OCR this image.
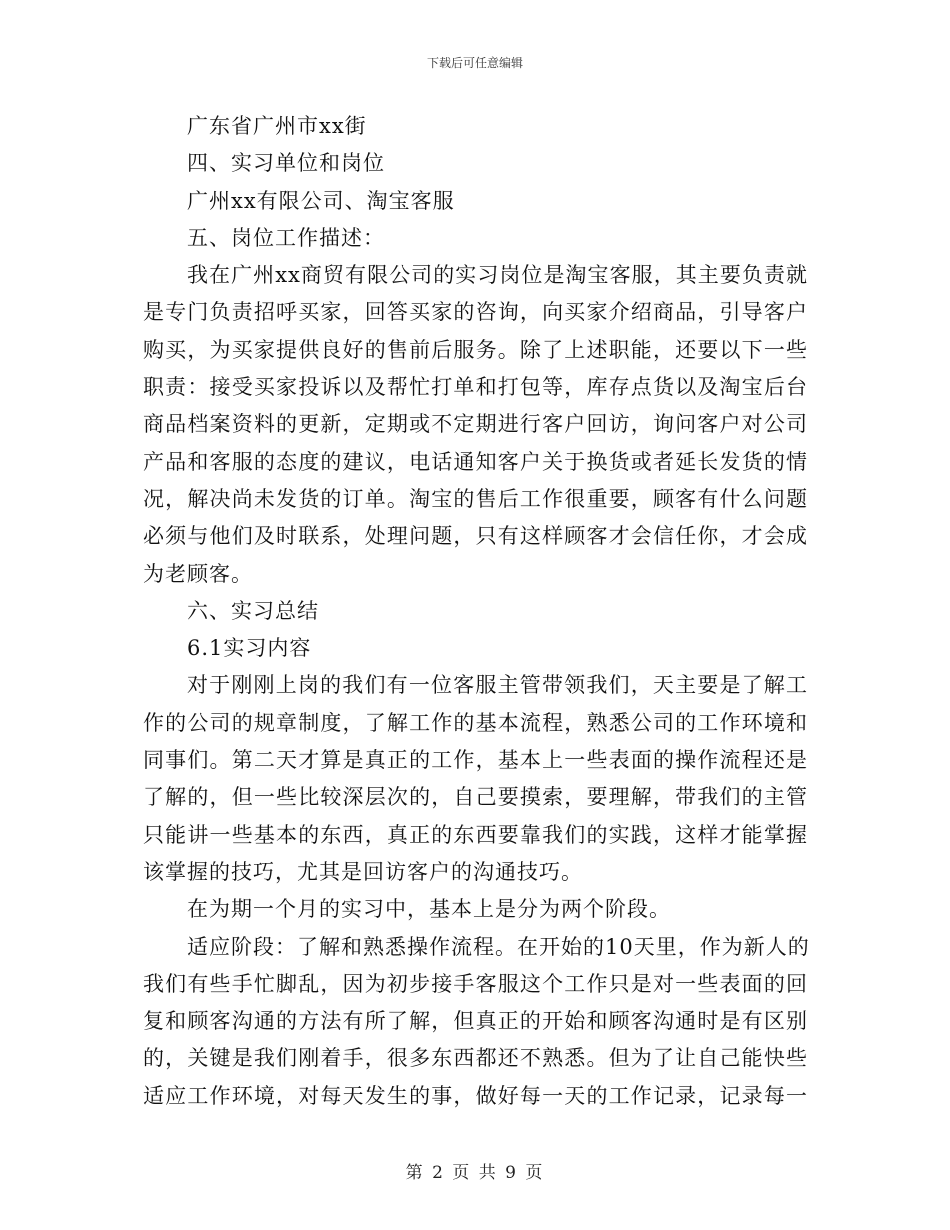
下载后可任意编辑
广东省广州市xx街
四、实习单位和岗位
广州xx有限公司、淘宝客服
五、岗位工作描述：
我在广州xx商贸有限公司的实习岗位是淘宝客服，其主要负责就
是专门负责招呼买家，回答买家的咨询，向买家介绍商品，引导客户
购买，为买家提供良好的售前后服务。除了上述职能，还要以下一些
职责：接受买家投诉以及帮忙打单和打包等，库存点货以及淘宝后台
商品档案资料的更新，定期或不定期进行客户回访，询问客户对公司
产品和客服的态度的建议，电话通知客户关于换货或者延长发货的情
况，解决尚未发货的订单。淘宝的售后工作很重要，顾客有什么问题
必须与他们及时联系，处理问题，只有这样顾客才会信任你，才会成
为老顾客。
六、实习总结
6.1实习内容
对于刚刚上岗的我们有一位客服主管带领我们，天主要是了解工
作的公司的规章制度，了解工作的基本流程，熟悉公司的工作环境和
同事们。第二天才算是真正的工作，基本上一些表面的操作流程还是
了解的，但一些比较深层次的，自己要摸索，要理解，带我们的主管
只能讲一些基本的东西，真正的东西要靠我们的实践，这样才能掌握
该掌握的技巧，尤其是回访客户的沟通技巧。
在为期一个月的实习中，基本上是分为两个阶段。
适应阶段：了解和熟悉操作流程。在开始的10天里，作为新人的
我们有些手忙脚乱，因为初步接手客服这个工作只是对一些表面的回
复和顾客沟通的方法有所了解，但真正的开始和顾客沟通时是有区别
的，关键是我们刚着手，很多东西都还不熟悉。但为了让自己能快些
适应工作环境，对每天发生的事，做好每一天的工作记录，记录每一
第 2 页 共 9 页
